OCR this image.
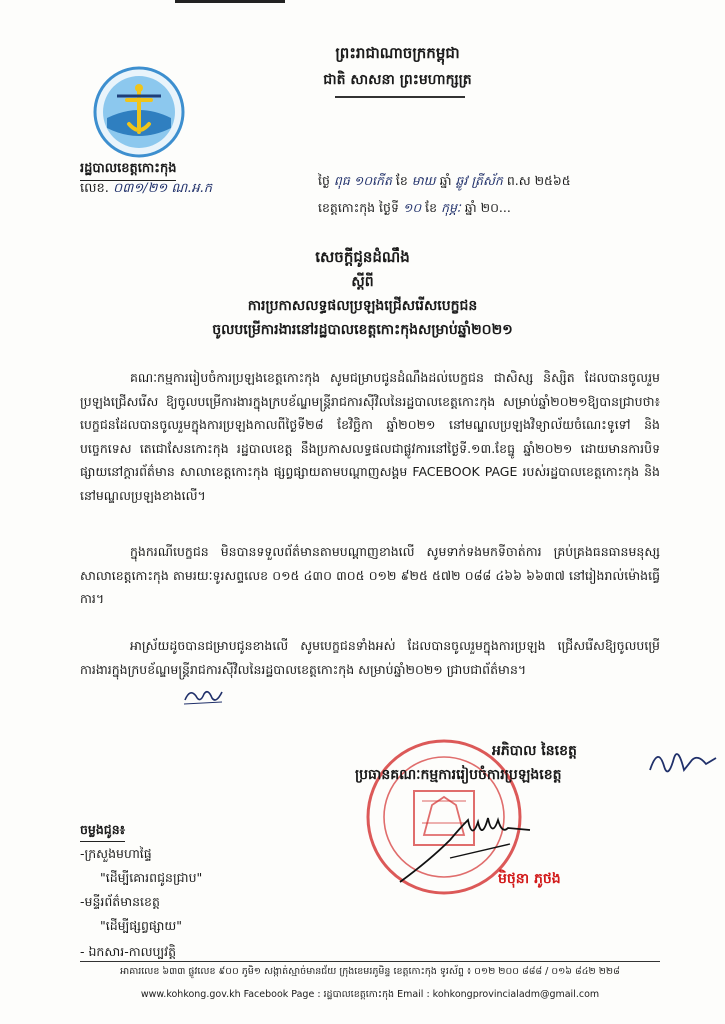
ព្រះរាជាណាចក្រកម្ពុជា
ជាតិ សាសនា ព្រះមហាក្សត្រ
រដ្ឋបាលខេត្តកោះកុង
លេខ. ០៣១/២១ ណ.អ.ក
ថ្ងៃ ពុធ ១០កើត ខែ មាឃ ឆ្នាំ ឆ្លូវ ត្រីស័ក ព.ស ២៥៦៥
ខេត្តកោះកុង ថ្ងៃទី ១០ ខែ កុម្ភៈ ឆ្នាំ ២០...
សេចក្តីជូនដំណឹង
ស្តីពី
ការប្រកាសលទ្ធផលប្រឡងជ្រើសរើសបេក្ខជន
ចូលបម្រើការងារនៅរដ្ឋបាលខេត្តកោះកុងសម្រាប់ឆ្នាំ២០២១
គណៈកម្មការរៀបចំការប្រឡងខេត្តកោះកុង សូមជម្រាបជូនដំណឹងដល់បេក្ខជន ជាសិស្ស និស្សិត ដែលបានចូលរួមប្រឡងជ្រើសរើស ឱ្យចូលបម្រើការងារក្នុងក្របខ័ណ្ឌមន្ត្រីរាជការស៊ីវិលនៃរដ្ឋបាលខេត្តកោះកុង សម្រាប់ឆ្នាំ២០២១ឱ្យបានជ្រាបថា៖ បេក្ខជនដែលបានចូលរួមក្នុងការប្រឡងកាលពីថ្ងៃទី២៨ ខែវិច្ឆិកា ឆ្នាំ២០២១ នៅមណ្ឌលប្រឡងវិទ្យាល័យចំណេះទូទៅ និងបច្ចេកទេស តេជោសែនកោះកុង រដ្ឋបាលខេត្ត នឹងប្រកាសលទ្ធផលជាផ្លូវការនៅថ្ងៃទី.១៣.ខែធ្នូ ឆ្នាំ២០២១ ដោយមានការបិទផ្សាយនៅក្តារព័ត៌មាន សាលាខេត្តកោះកុង ផ្សព្វផ្សាយតាមបណ្តាញសង្គម FACEBOOK PAGE របស់រដ្ឋបាលខេត្តកោះកុង និង នៅមណ្ឌលប្រឡងខាងលើ។
ក្នុងករណីបេក្ខជន មិនបានទទួលព័ត៌មានតាមបណ្តាញខាងលើ សូមទាក់ទងមកទីចាត់ការ គ្រប់គ្រងធនធានមនុស្សសាលាខេត្តកោះកុង តាមរយៈទូរសព្ទលេខ ០១៥ ៤៣០ ៣០៥ ០១២ ៩២៥ ៥៧២ ០៨៨ ៤៦៦ ៦៦៣៧ នៅរៀងរាល់ម៉ោងធ្វើការ។
អាស្រ័យដូចបានជម្រាបជូនខាងលើ សូមបេក្ខជនទាំងអស់ ដែលបានចូលរួមក្នុងការប្រឡង ជ្រើសរើសឱ្យចូលបម្រើការងារក្នុងក្របខ័ណ្ឌមន្ត្រីរាជការស៊ីវិលនៃរដ្ឋបាលខេត្តកោះកុង សម្រាប់ឆ្នាំ២០២១ ជ្រាបជាព័ត៌មាន។
អភិបាល នៃខេត្ត
ប្រធានគណៈកម្មការរៀបចំការប្រឡងខេត្ត
មិថុនា ភូថង
ចម្លងជូន៖
-ក្រសួងមហាផ្ទៃ
"ដើម្បីគោរពជូនជ្រាប"
-មន្ទីរព័ត៌មានខេត្ត
"ដើម្បីផ្សព្វផ្សាយ"
- ឯកសារ-កាលប្បវត្តិ
អាគារលេខ ៦៣៣ ផ្លូវលេខ ៩០០ ភូមិ១ សង្កាត់ស្មាច់មានជ័យ ក្រុងខេមរភូមិន្ទ ខេត្តកោះកុង ទូរស័ព្ទ ៖ ០១២ ២០០ ៨៨៨ / ០១៦ ៨៤២ ២២៨
www.kohkong.gov.kh Facebook Page : រដ្ឋបាលខេត្តកោះកុង Email : kohkongprovincialadm@gmail.com
